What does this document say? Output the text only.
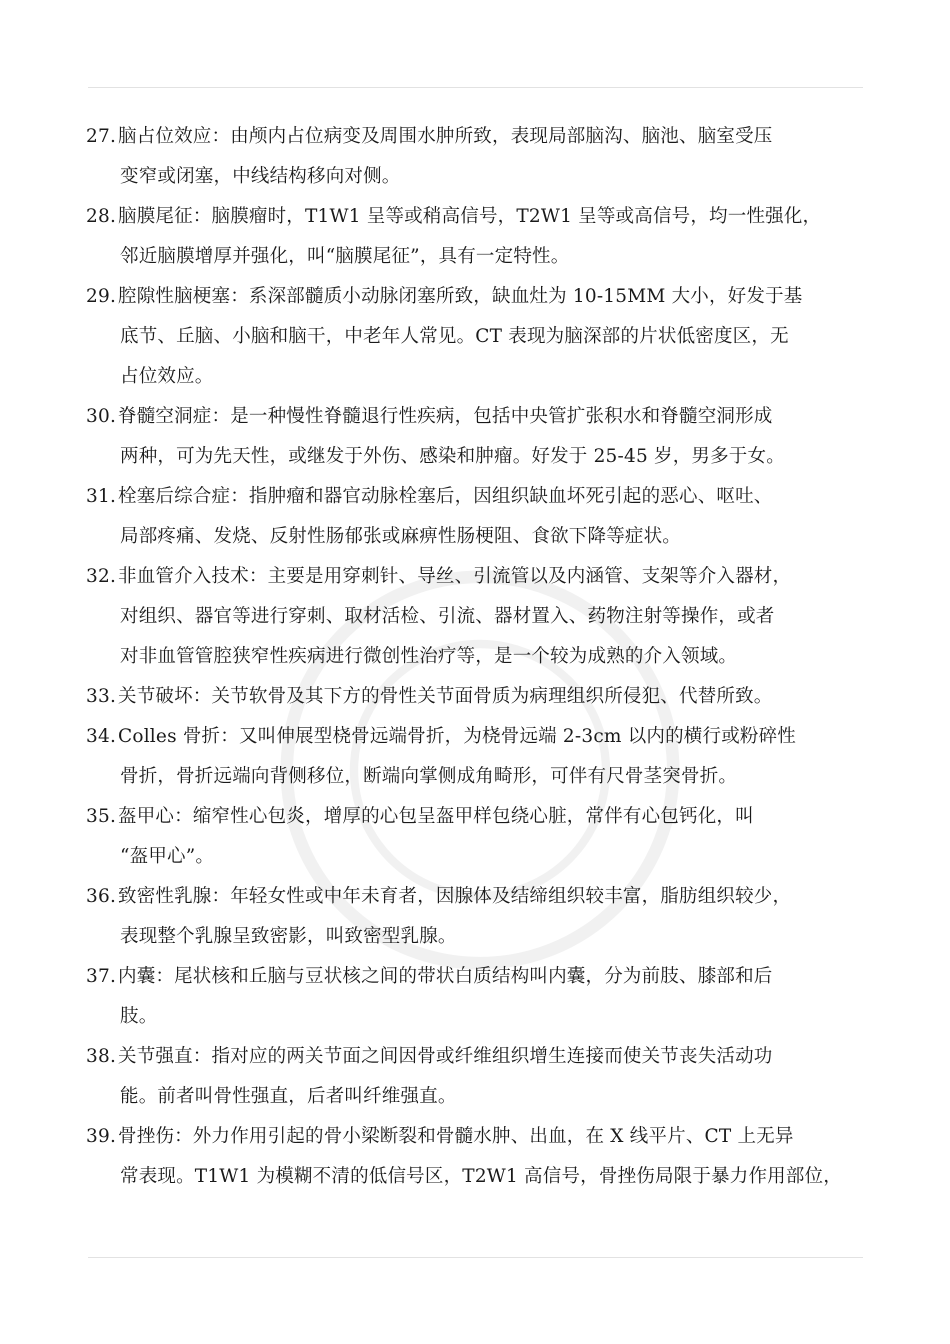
27. 脑占位效应：由颅内占位病变及周围水肿所致，表现局部脑沟、脑池、脑室受压
变窄或闭塞，中线结构移向对侧。
28. 脑膜尾征：脑膜瘤时，T1W1 呈等或稍高信号，T2W1 呈等或高信号，均一性强化，
邻近脑膜增厚并强化，叫“脑膜尾征”，具有一定特性。
29. 腔隙性脑梗塞：系深部髓质小动脉闭塞所致，缺血灶为 10-15MM 大小，好发于基
底节、丘脑、小脑和脑干，中老年人常见。CT 表现为脑深部的片状低密度区，无
占位效应。
30. 脊髓空洞症：是一种慢性脊髓退行性疾病，包括中央管扩张积水和脊髓空洞形成
两种，可为先天性，或继发于外伤、感染和肿瘤。好发于 25-45 岁，男多于女。
31. 栓塞后综合症：指肿瘤和器官动脉栓塞后，因组织缺血坏死引起的恶心、呕吐、
局部疼痛、发烧、反射性肠郁张或麻痹性肠梗阻、食欲下降等症状。
32. 非血管介入技术：主要是用穿刺针、导丝、引流管以及内涵管、支架等介入器材，
对组织、器官等进行穿刺、取材活检、引流、器材置入、药物注射等操作，或者
对非血管管腔狭窄性疾病进行微创性治疗等，是一个较为成熟的介入领域。
33. 关节破坏：关节软骨及其下方的骨性关节面骨质为病理组织所侵犯、代替所致。
34. Colles 骨折：又叫伸展型桡骨远端骨折，为桡骨远端 2-3cm 以内的横行或粉碎性
骨折，骨折远端向背侧移位，断端向掌侧成角畸形，可伴有尺骨茎突骨折。
35. 盔甲心：缩窄性心包炎，增厚的心包呈盔甲样包绕心脏，常伴有心包钙化，叫
“盔甲心”。
36. 致密性乳腺：年轻女性或中年未育者，因腺体及结缔组织较丰富，脂肪组织较少，
表现整个乳腺呈致密影，叫致密型乳腺。
37. 内囊：尾状核和丘脑与豆状核之间的带状白质结构叫内囊，分为前肢、膝部和后
肢。
38. 关节强直：指对应的两关节面之间因骨或纤维组织增生连接而使关节丧失活动功
能。前者叫骨性强直，后者叫纤维强直。
39. 骨挫伤：外力作用引起的骨小梁断裂和骨髓水肿、出血，在 X 线平片、CT 上无异
常表现。T1W1 为模糊不清的低信号区，T2W1 高信号，骨挫伤局限于暴力作用部位，
